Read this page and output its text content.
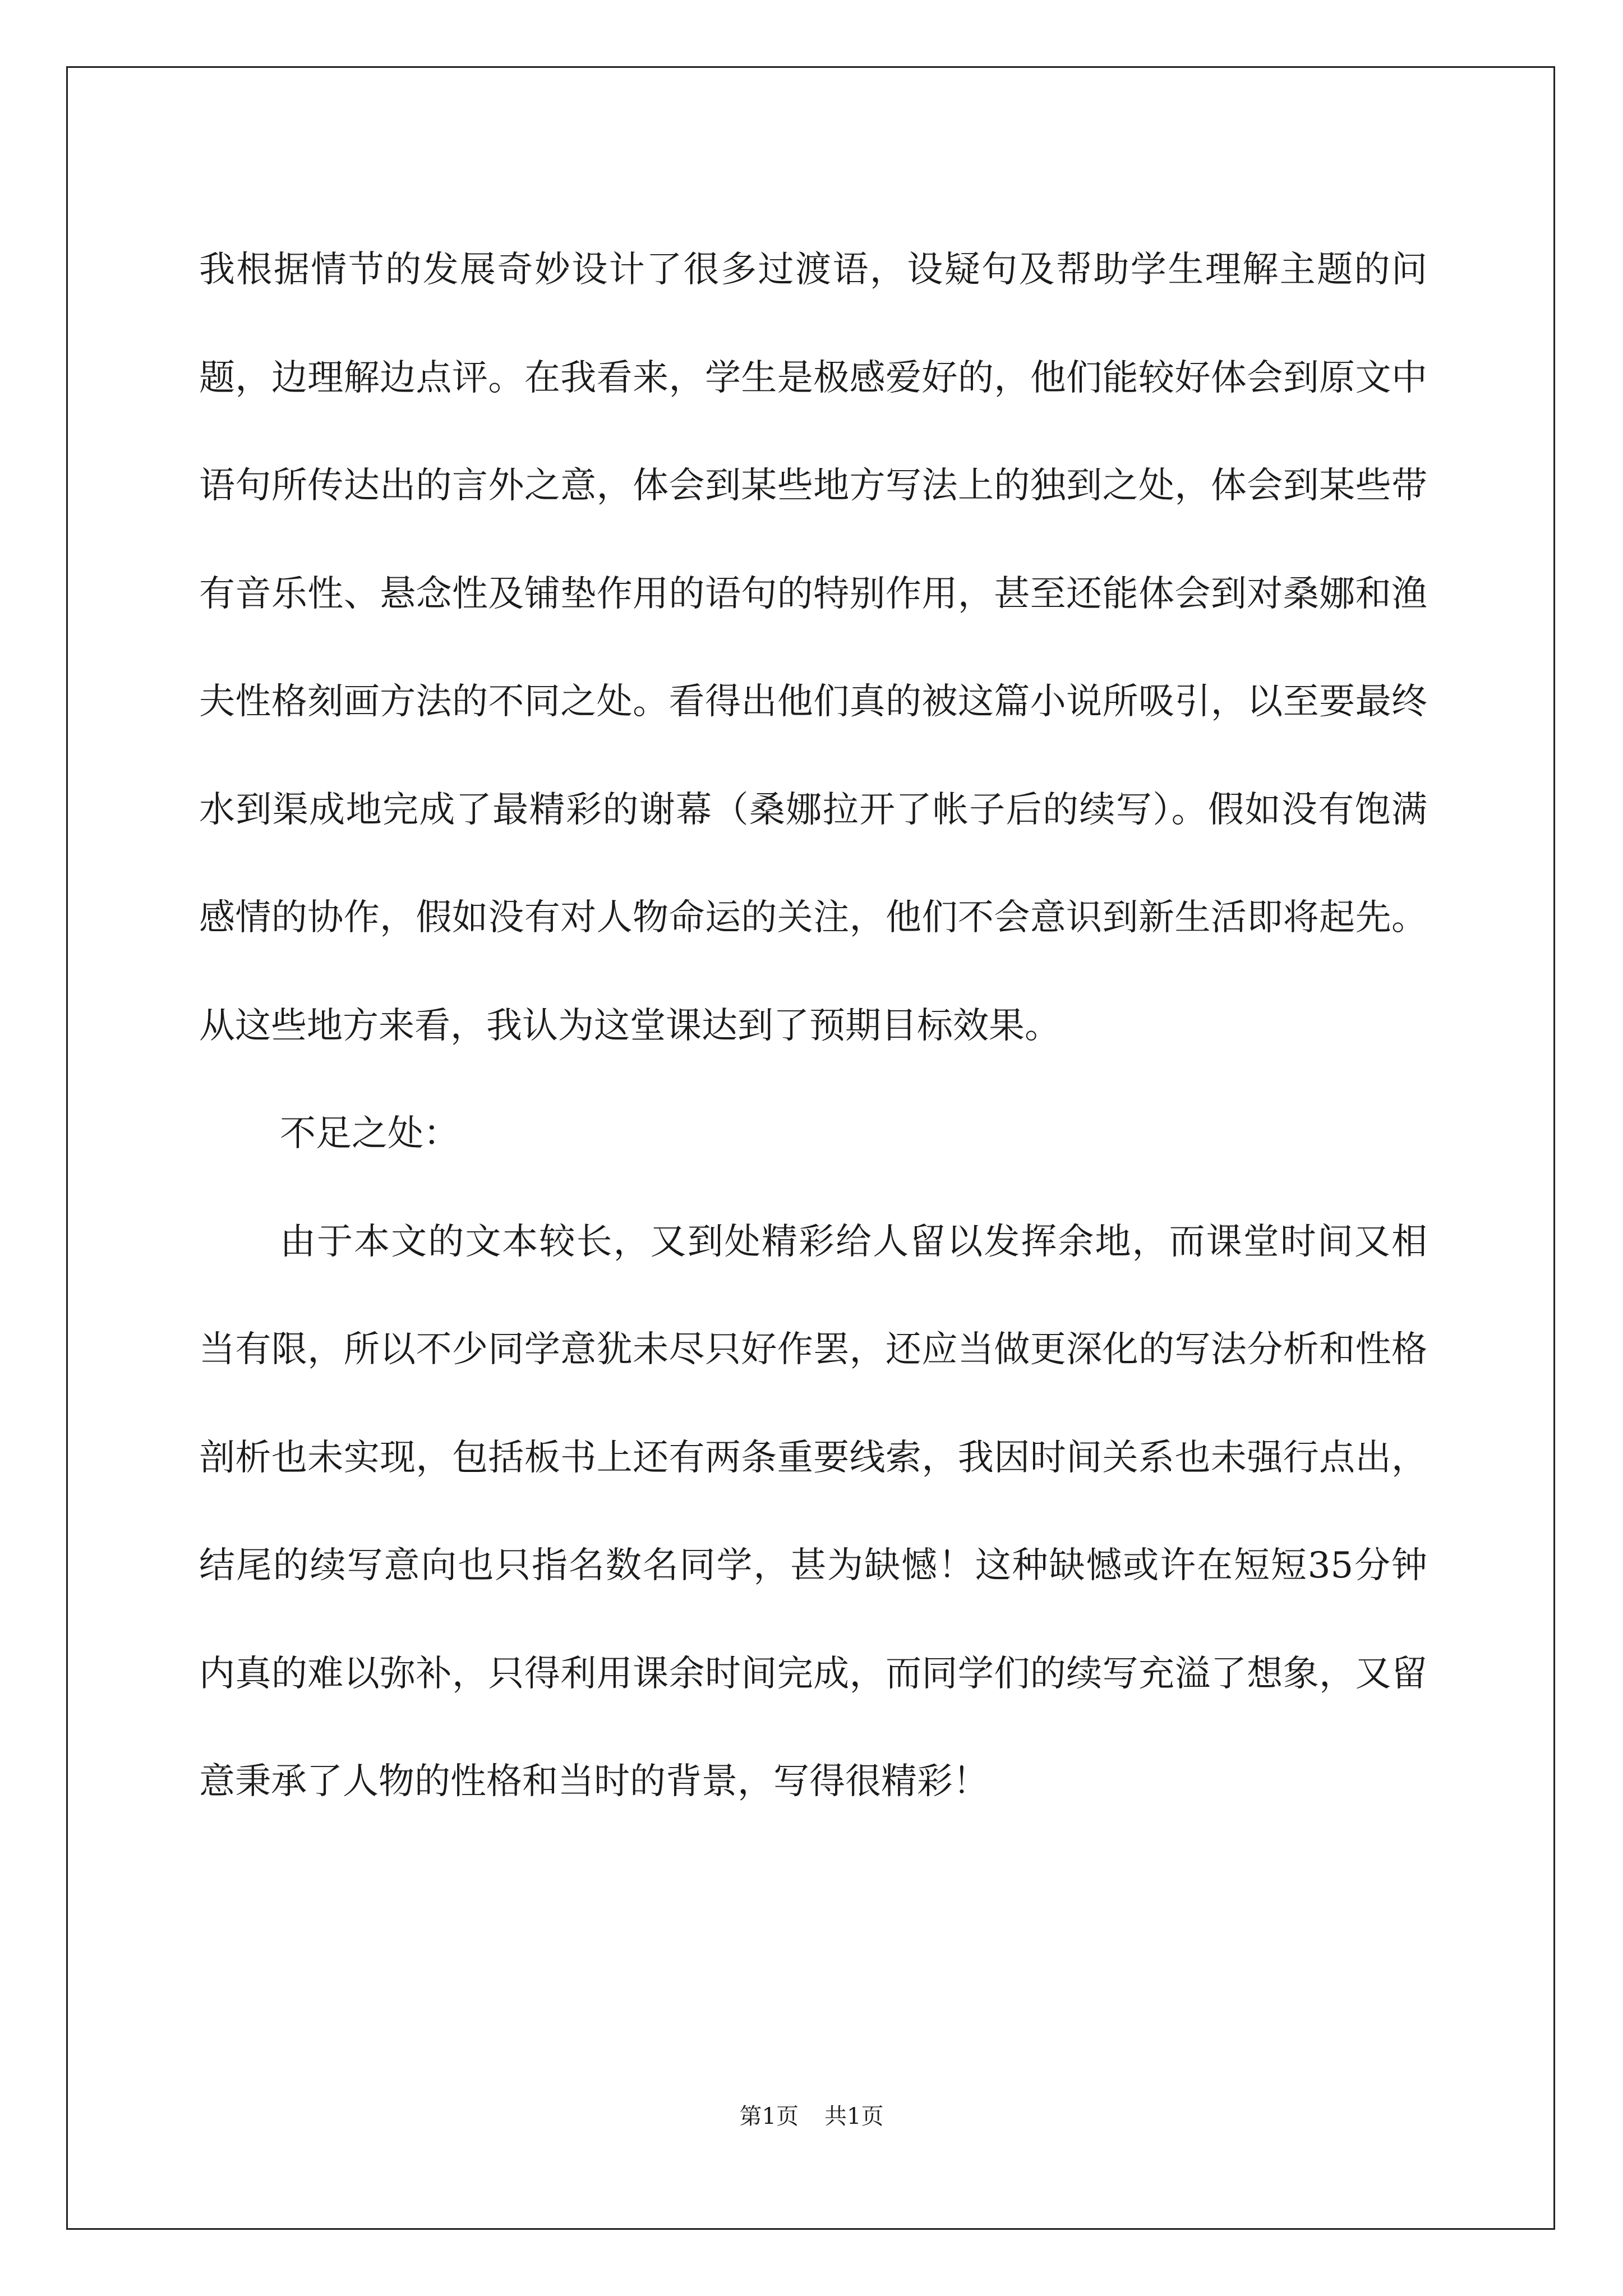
我根据情节的发展奇妙设计了很多过渡语，设疑句及帮助学生理解主题的问题，边理解边点评。在我看来，学生是极感爱好的，他们能较好体会到原文中语句所传达出的言外之意，体会到某些地方写法上的独到之处，体会到某些带有音乐性、悬念性及铺垫作用的语句的特别作用，甚至还能体会到对桑娜和渔夫性格刻画方法的不同之处。看得出他们真的被这篇小说所吸引，以至要最终水到渠成地完成了最精彩的谢幕（桑娜拉开了帐子后的续写）。假如没有饱满感情的协作，假如没有对人物命运的关注，他们不会意识到新生活即将起先。从这些地方来看，我认为这堂课达到了预期目标效果。

不足之处：

由于本文的文本较长，又到处精彩给人留以发挥余地，而课堂时间又相当有限，所以不少同学意犹未尽只好作罢，还应当做更深化的写法分析和性格剖析也未实现，包括板书上还有两条重要线索，我因时间关系也未强行点出，结尾的续写意向也只指名数名同学，甚为缺憾！这种缺憾或许在短短35分钟内真的难以弥补，只得利用课余时间完成，而同学们的续写充溢了想象，又留意秉承了人物的性格和当时的背景，写得很精彩！

第1页 共1页
